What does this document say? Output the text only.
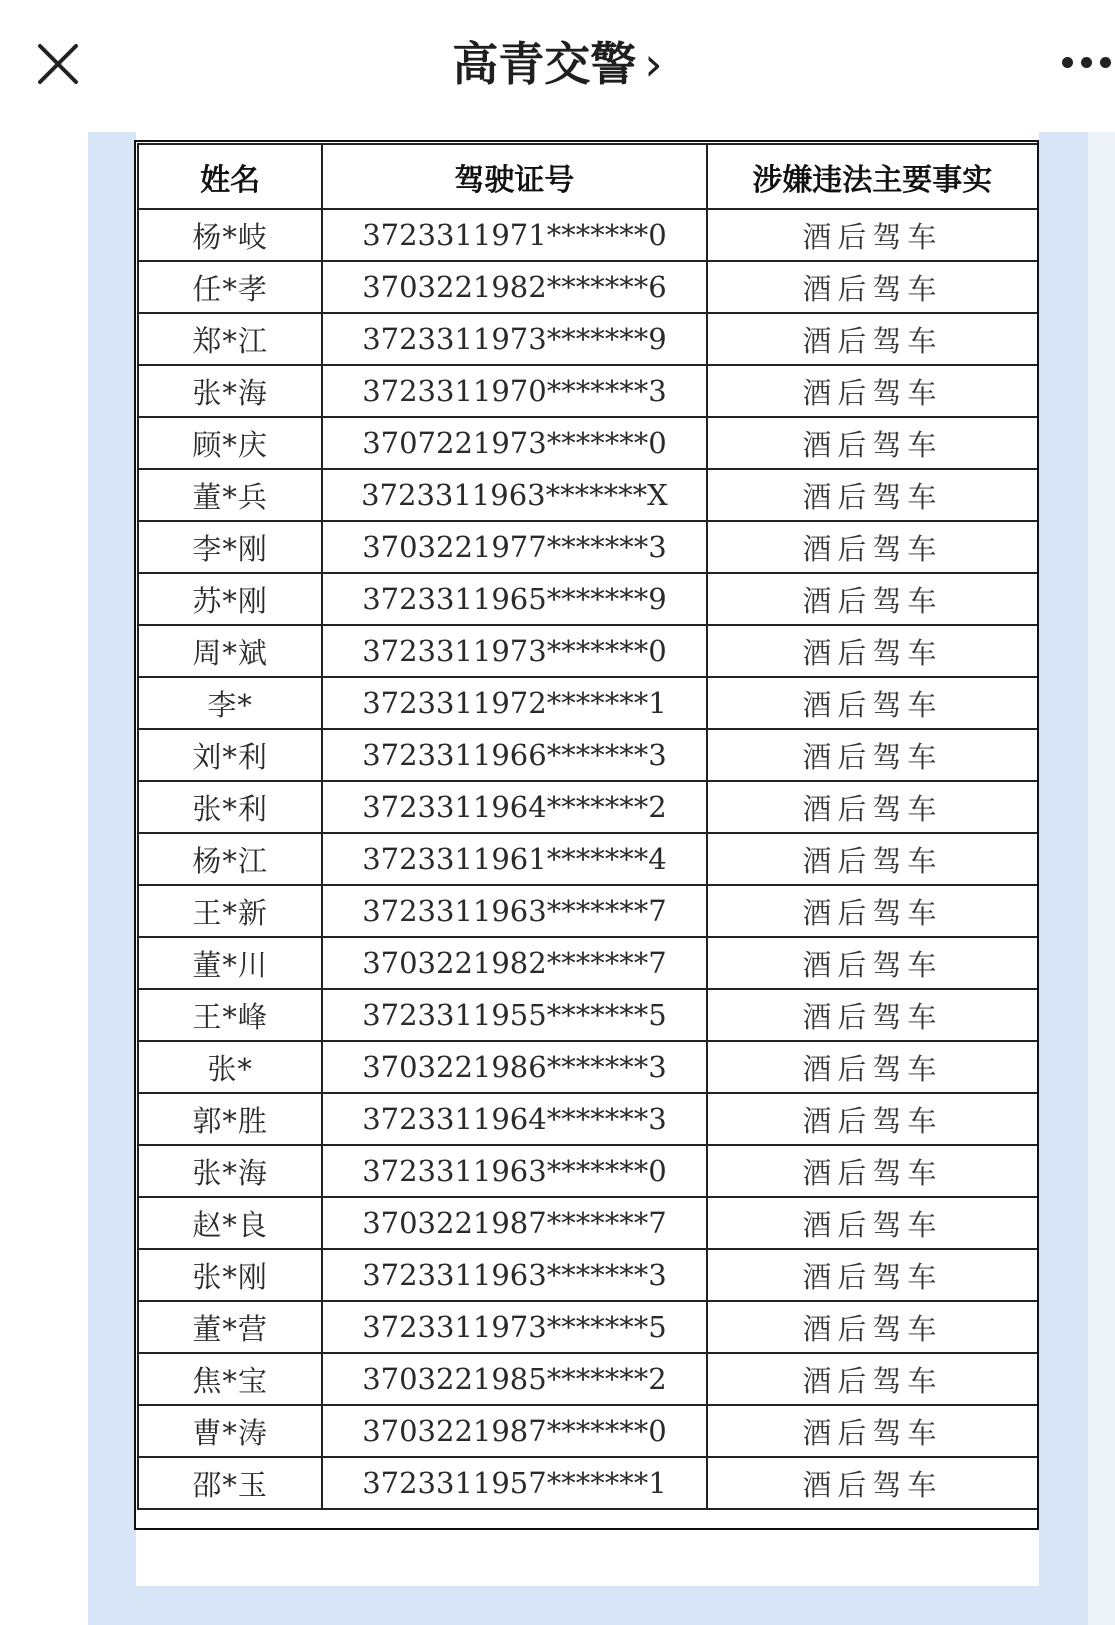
高青交警 ›
姓名	驾驶证号	涉嫌违法主要事实
杨*岐	3723311971*******0	酒后驾车
任*孝	3703221982*******6	酒后驾车
郑*江	3723311973*******9	酒后驾车
张*海	3723311970*******3	酒后驾车
顾*庆	3707221973*******0	酒后驾车
董*兵	3723311963*******X	酒后驾车
李*刚	3703221977*******3	酒后驾车
苏*刚	3723311965*******9	酒后驾车
周*斌	3723311973*******0	酒后驾车
李*	3723311972*******1	酒后驾车
刘*利	3723311966*******3	酒后驾车
张*利	3723311964*******2	酒后驾车
杨*江	3723311961*******4	酒后驾车
王*新	3723311963*******7	酒后驾车
董*川	3703221982*******7	酒后驾车
王*峰	3723311955*******5	酒后驾车
张*	3703221986*******3	酒后驾车
郭*胜	3723311964*******3	酒后驾车
张*海	3723311963*******0	酒后驾车
赵*良	3703221987*******7	酒后驾车
张*刚	3723311963*******3	酒后驾车
董*营	3723311973*******5	酒后驾车
焦*宝	3703221985*******2	酒后驾车
曹*涛	3703221987*******0	酒后驾车
邵*玉	3723311957*******1	酒后驾车
